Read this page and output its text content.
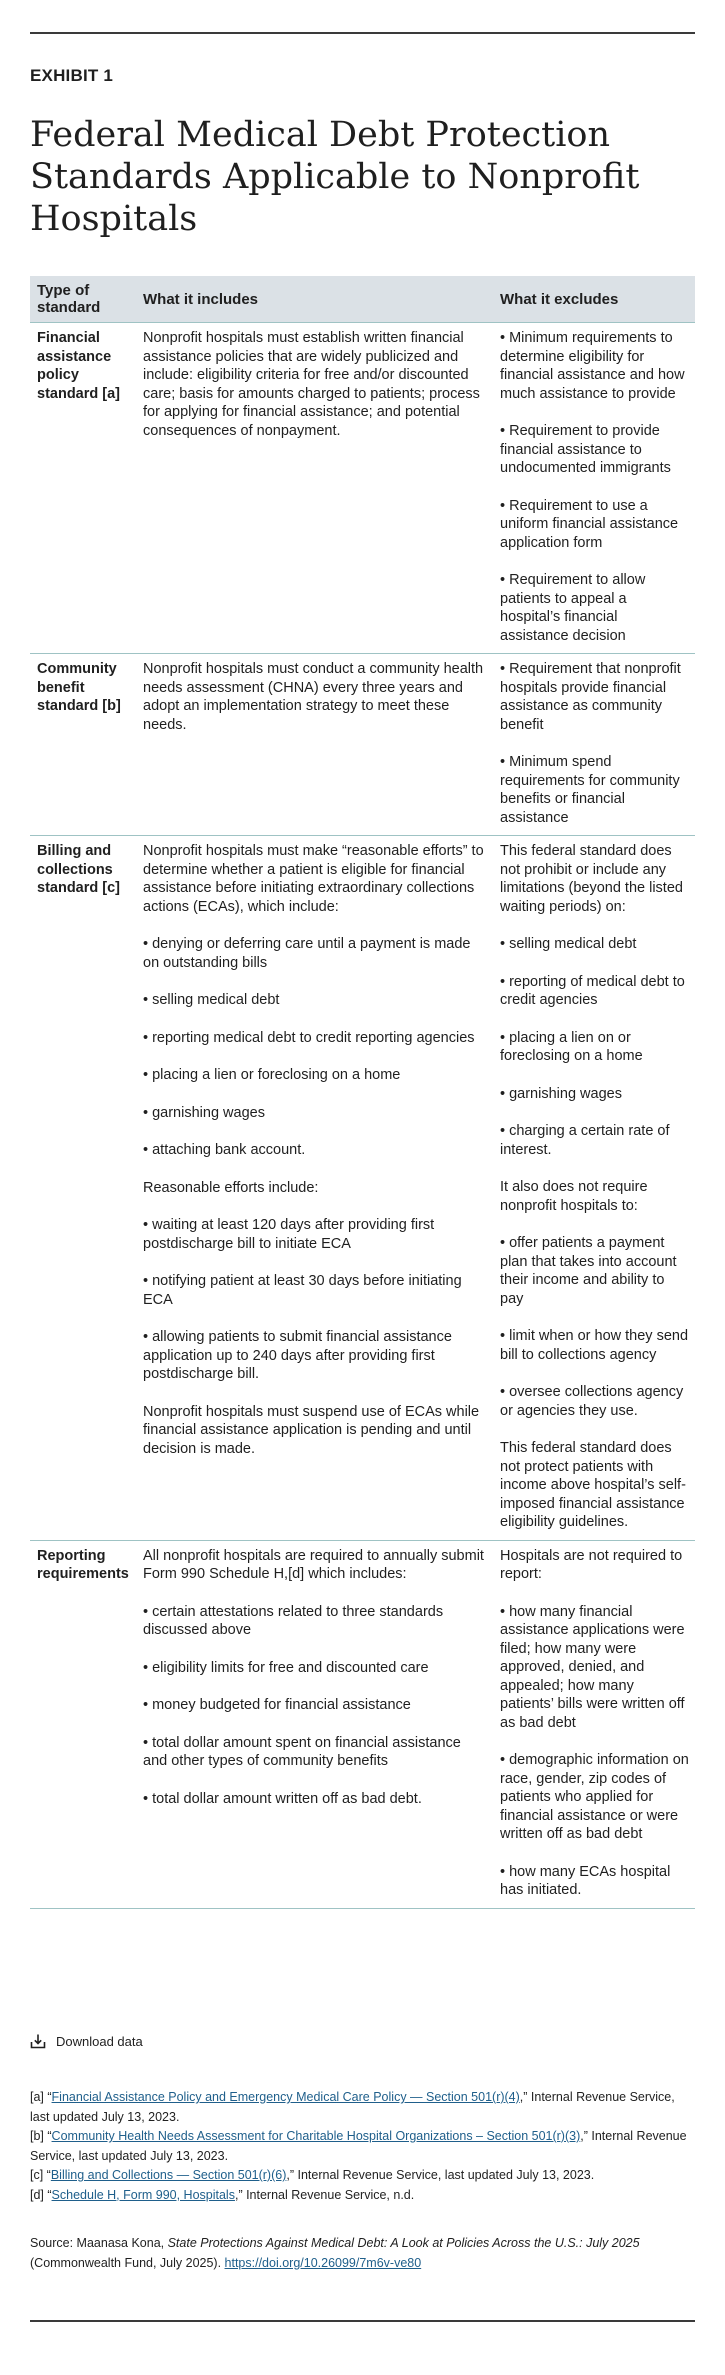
EXHIBIT 1
Federal Medical Debt Protection Standards Applicable to Nonprofit Hospitals
Type of standard	What it includes	What it excludes
Financial assistance policy standard [a]

Nonprofit hospitals must establish written financial assistance policies that are widely publicized and include: eligibility criteria for free and/or discounted care; basis for amounts charged to patients; process for applying for financial assistance; and potential consequences of nonpayment.

• Minimum requirements to determine eligibility for financial assistance and how much assistance to provide

• Requirement to provide financial assistance to undocumented immigrants

• Requirement to use a uniform financial assistance application form

• Requirement to allow patients to appeal a hospital’s financial assistance decision

Community benefit standard [b]

Nonprofit hospitals must conduct a community health needs assessment (CHNA) every three years and adopt an implementation strategy to meet these needs.

• Requirement that nonprofit hospitals provide financial assistance as community benefit

• Minimum spend requirements for community benefits or financial assistance

Billing and collections standard [c]

Nonprofit hospitals must make “reasonable efforts” to determine whether a patient is eligible for financial assistance before initiating extraordinary collections actions (ECAs), which include:

• denying or deferring care until a payment is made on outstanding bills

• selling medical debt

• reporting medical debt to credit reporting agencies

• placing a lien or foreclosing on a home

• garnishing wages

• attaching bank account.

Reasonable efforts include:

• waiting at least 120 days after providing first postdischarge bill to initiate ECA

• notifying patient at least 30 days before initiating ECA

• allowing patients to submit financial assistance application up to 240 days after providing first postdischarge bill.

Nonprofit hospitals must suspend use of ECAs while financial assistance application is pending and until decision is made.

This federal standard does not prohibit or include any limitations (beyond the listed waiting periods) on:

• selling medical debt

• reporting of medical debt to credit agencies

• placing a lien on or foreclosing on a home

• garnishing wages

• charging a certain rate of interest.

It also does not require nonprofit hospitals to:

• offer patients a payment plan that takes into account their income and ability to pay

• limit when or how they send bill to collections agency

• oversee collections agency or agencies they use.

This federal standard does not protect patients with income above hospital’s self-imposed financial assistance eligibility guidelines.

Reporting requirements

All nonprofit hospitals are required to annually submit Form 990 Schedule H,[d] which includes:

• certain attestations related to three standards discussed above

• eligibility limits for free and discounted care

• money budgeted for financial assistance

• total dollar amount spent on financial assistance and other types of community benefits

• total dollar amount written off as bad debt.

Hospitals are not required to report:

• how many financial assistance applications were filed; how many were approved, denied, and appealed; how many patients’ bills were written off as bad debt

• demographic information on race, gender, zip codes of patients who applied for financial assistance or were written off as bad debt

• how many ECAs hospital has initiated.

Download data
[a] “Financial Assistance Policy and Emergency Medical Care Policy — Section 501(r)(4),” Internal Revenue Service, last updated July 13, 2023.
[b] “Community Health Needs Assessment for Charitable Hospital Organizations – Section 501(r)(3),” Internal Revenue Service, last updated July 13, 2023.
[c] “Billing and Collections — Section 501(r)(6),” Internal Revenue Service, last updated July 13, 2023.
[d] “Schedule H, Form 990, Hospitals,” Internal Revenue Service, n.d.
Source: Maanasa Kona, State Protections Against Medical Debt: A Look at Policies Across the U.S.: July 2025 (Commonwealth Fund, July 2025). https://doi.org/10.26099/7m6v-ve80
